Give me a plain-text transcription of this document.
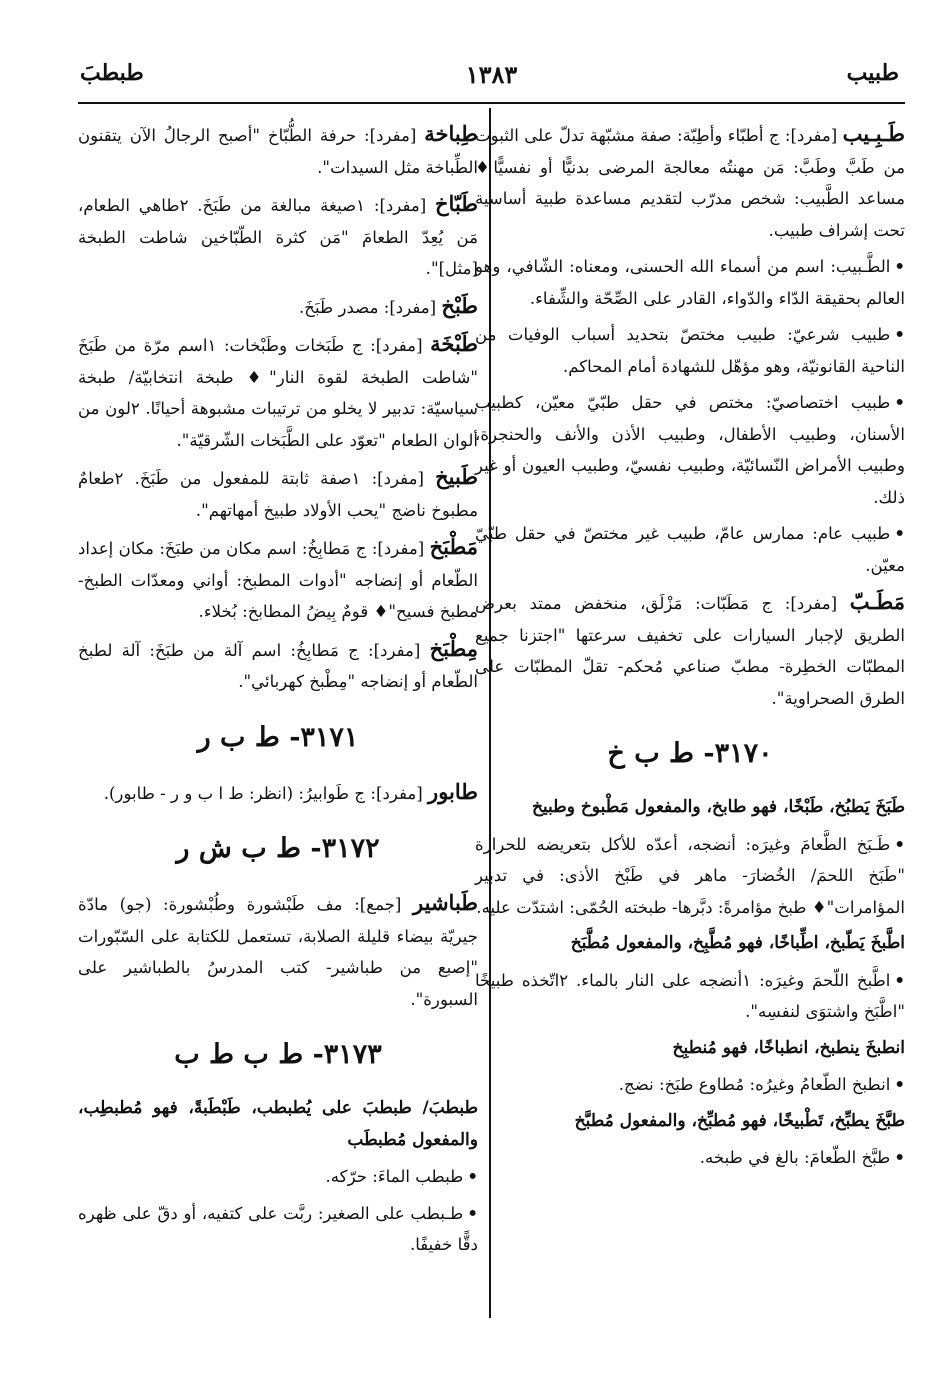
طبيب
١٣٨٣
طبطبَ
طَـبِـيب [مفرد]: ج أطبّاء وأطِبّة: صفة مشبّهة تدلّ على الثبوت من طَبَّ وطَبَّ: مَن مهنتُه معالجة المرضى بدنيًّا أو نفسيًّا♦ مساعد الطَّبيب: شخص مدرّب لتقديم مساعدة طبية أساسية تحت إشراف طبيب.
•الطَّـبيب: اسم من أسماء الله الحسنى، ومعناه: الشّافي، وهو العالم بحقيقة الدّاء والدّواء، القادر على الصِّحّة والشِّفاء.
•طبيب شرعيّ: طبيب مختصّ بتحديد أسباب الوفيات من الناحية القانونيّة، وهو مؤهّل للشهادة أمام المحاكم.
•طبيب اختصاصيّ: مختص في حقل طبّيّ معيّن، كطبيب الأسنان، وطبيب الأطفال، وطبيب الأذن والأنف والحنجرة، وطبيب الأمراض النّسائيّة، وطبيب نفسيّ، وطبيب العيون أو غير ذلك.
•طبيب عام: ممارس عامّ، طبيب غير مختصّ في حقل طبّيّ معيّن.
مَطَـبّ [مفرد]: ج مَطَبّات: مَزْلَق، منخفض ممتد بعرض الطريق لإجبار السيارات على تخفيف سرعتها "اجتزنا جميع المطبّات الخطِرة- مطبّ صناعي مُحكم- تقلّ المطبّات على الطرق الصحراوية".
٣١٧٠- ط ب خ
طَبَخَ يَطبُخ، طَبْخًا، فهو طابخ، والمفعول مَطْبوخ وطبيخ
•طَـبَخ الطَّعامَ وغيرَه: أنضجه، أعدّه للأكل بتعريضه للحرارة "طَبَخ اللحمَ/ الخُضارَ- ماهر في طَبْخ الأذى: في تدبير المؤامرات"♦ طبخ مؤامرةً: دبَّرها- طبخته الحُمّى: اشتدّت عليه.
اطَّبخَ يَطّبخ، اطِّباخًا، فهو مُطَّبِخ، والمفعول مُطَّبَخ
•اطَّبخ اللّحمَ وغيرَه: ١أنضجه على النار بالماء. ٢اتّخذه طبيخًا "اطَّبَخ واشتوَى لنفسِه".
انطبخَ ينطبخ، انطباخًا، فهو مُنطبِخ
•انطبخ الطّعامُ وغيرُه: مُطاوع طبَخ: نضج.
طبَّخَ يطبِّخ، تَطْبيخًا، فهو مُطبِّخ، والمفعول مُطبَّخ
•طبَّخ الطّعامَ: بالغ في طبخه.
طِباخة [مفرد]: حرفة الطُّبّاخ "أصبح الرجالُ الآن يتقنون الطِّباخة مثل السيدات".
طَبّاخ [مفرد]: ١صيغة مبالغة من طَبَخَ. ٢طاهي الطعام، مَن يُعِدّ الطعامَ "مَن كثرة الطّبّاخين شاطت الطبخة [مثل]".
طَبْخ [مفرد]: مصدر طَبَخَ.
طَبْخَة [مفرد]: ج طَبَخات وطَبْخات: ١اسم مرّة من طَبَخَ "شاطت الطبخة لقوة النار"♦ طبخة انتخابيّة/ طبخة سياسيّة: تدبير لا يخلو من ترتيبات مشبوهة أحيانًا. ٢لون من ألوان الطعام "تعوّد على الطَّبَخات الشّرقيّة".
طَبيخ [مفرد]: ١صفة ثابتة للمفعول من طَبَخَ. ٢طعامٌ مطبوخ ناضج "يحب الأولاد طبيخ أمهاتهم".
مَطْبَخ [مفرد]: ج مَطابِخُ: اسم مكان من طبَخَ: مكان إعداد الطّعام أو إنضاجه "أدوات المطبخ: أواني ومعدّات الطبخ- مطبخ فسيح"♦ قومٌ بِيضُ المطابخ: بُخلاء.
مِطْبَخ [مفرد]: ج مَطابِخُ: اسم آلة من طبَخَ: آلة لطبخ الطّعام أو إنضاجه "مِطْبخ كهربائي".
٣١٧١- ط ب ر
طابور [مفرد]: ج طَوابيرُ: (انظر: ط ا ب و ر - طابور).
٣١٧٢- ط ب ش ر
طَباشير [جمع]: مف طَبْشورة وطُبْشورة: (جو) مادّة جيريّة بيضاء قليلة الصلابة، تستعمل للكتابة على السّبّورات "إصبع من طباشير- كتب المدرسُ بالطباشير على السبورة".
٣١٧٣- ط ب ط ب
طبطبَ/ طبطبَ على يُطبطب، طَبْطَبةً، فهو مُطبطِب، والمفعول مُطبطَب
•طبطب الماءَ: حرّكه.
•طـبطب على الصغير: ربَّت على كتفيه، أو دقّ على ظهره دقًّا خفيفًا.
